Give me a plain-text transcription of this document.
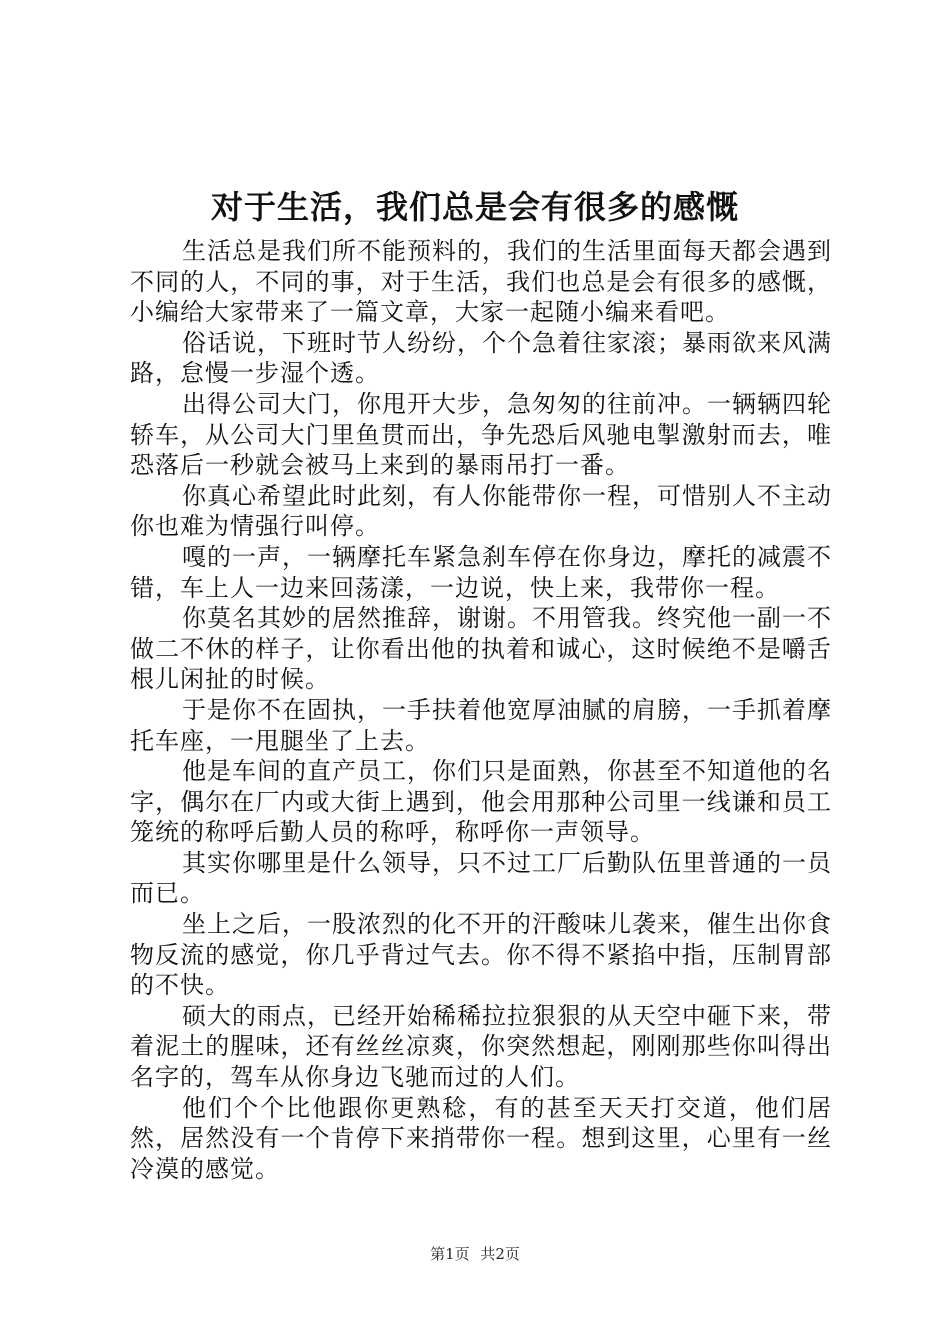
对于生活，我们总是会有很多的感慨

生活总是我们所不能预料的，我们的生活里面每天都会遇到不同的人，不同的事，对于生活，我们也总是会有很多的感慨，小编给大家带来了一篇文章，大家一起随小编来看吧。

俗话说，下班时节人纷纷，个个急着往家滚；暴雨欲来风满路，怠慢一步湿个透。

出得公司大门，你甩开大步，急匆匆的往前冲。一辆辆四轮轿车，从公司大门里鱼贯而出，争先恐后风驰电掣激射而去，唯恐落后一秒就会被马上来到的暴雨吊打一番。

你真心希望此时此刻，有人你能带你一程，可惜别人不主动你也难为情强行叫停。

嘎的一声，一辆摩托车紧急刹车停在你身边，摩托的减震不错，车上人一边来回荡漾，一边说，快上来，我带你一程。

你莫名其妙的居然推辞，谢谢。不用管我。终究他一副一不做二不休的样子，让你看出他的执着和诚心，这时候绝不是嚼舌根儿闲扯的时候。

于是你不在固执，一手扶着他宽厚油腻的肩膀，一手抓着摩托车座，一甩腿坐了上去。

他是车间的直产员工，你们只是面熟，你甚至不知道他的名字，偶尔在厂内或大街上遇到，他会用那种公司里一线谦和员工笼统的称呼后勤人员的称呼，称呼你一声领导。

其实你哪里是什么领导，只不过工厂后勤队伍里普通的一员而已。

坐上之后，一股浓烈的化不开的汗酸味儿袭来，催生出你食物反流的感觉，你几乎背过气去。你不得不紧掐中指，压制胃部的不快。

硕大的雨点，已经开始稀稀拉拉狠狠的从天空中砸下来，带着泥土的腥味，还有丝丝凉爽，你突然想起，刚刚那些你叫得出名字的，驾车从你身边飞驰而过的人们。

他们个个比他跟你更熟稔，有的甚至天天打交道，他们居然，居然没有一个肯停下来捎带你一程。想到这里，心里有一丝冷漠的感觉。

第1页 共2页
